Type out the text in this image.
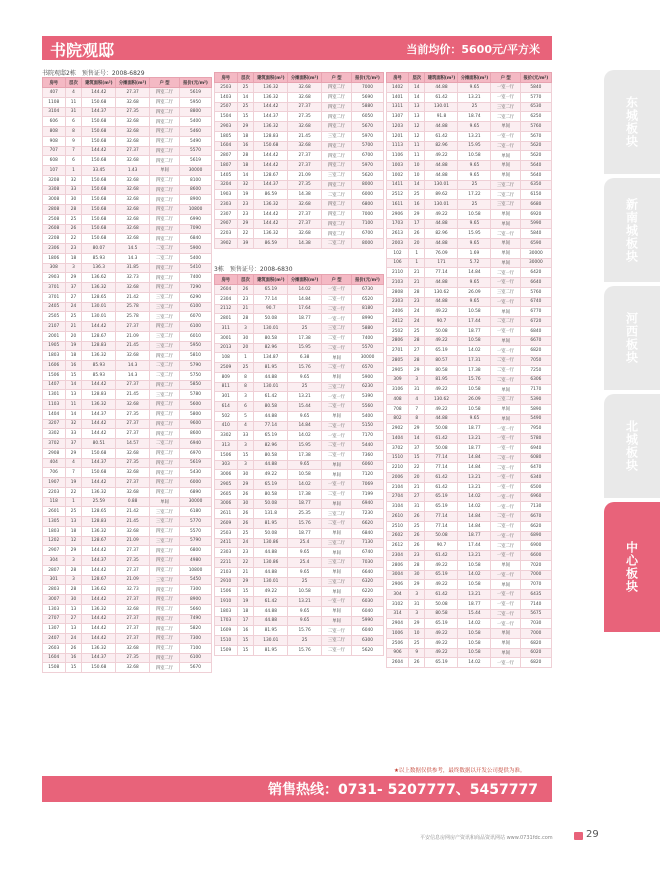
书院观邸	当前均价：5600元/平方米
书院观邸2栋　预售证号：2008-6829
3栋　预售证号：2008-6830
房号	层次	建筑面积(m²)	分摊面积(m²)	户 型	报价(元/m²)
407	4	144.42	27.37	四室二厅	5619
1108	11	150.68	32.68	四室二厅	5950
3104	31	144.37	27.35	四室二厅	8800
606	6	150.68	32.68	四室二厅	5400
808	8	150.68	32.68	四室二厅	5460
908	9	150.68	32.68	四室二厅	5490
707	7	144.42	27.37	四室二厅	5570
608	6	150.68	32.68	四室二厅	5619
107	1	33.45	1.43	单间	30000
3208	32	150.68	32.68	四室二厅	8100
3308	33	150.68	32.68	四室二厅	8600
3008	30	150.68	32.68	四室二厅	8900
2808	28	150.68	32.68	四室二厅	10800
2508	25	150.68	32.68	四室二厅	6990
2608	26	150.68	32.68	四室二厅	7090
2208	22	150.68	32.68	四室二厅	6840
2306	23	80.07	14.5	二室二厅	5900
1806	18	85.93	14.3	二室二厅	5400
308	3	136.3	31.85	四室二厅	5410
2903	29	136.62	32.73	四室二厅	7400
3701	37	136.32	32.68	四室二厅	7290
3701	27	128.65	21.42	三室二厅	6290
2405	24	130.01	25.78	三室二厅	6100
2505	25	130.01	25.78	三室二厅	6070
2107	21	144.42	27.37	四室二厅	6100
2001	20	128.67	21.09	三室二厅	6010
1905	19	128.83	21.45	三室二厅	5950
1803	18	136.32	32.68	四室二厅	5810
1606	16	85.93	14.3	二室二厅	5790
1506	15	85.93	14.3	二室二厅	5750
1407	14	144.42	27.37	四室二厅	5850
1301	13	128.83	21.45	三室二厅	5780
1103	11	136.32	32.68	四室二厅	5600
1404	14	144.37	27.35	四室二厅	5800
3207	32	144.42	27.37	四室二厅	9600
3302	33	144.42	27.37	四室二厅	8600
3702	37	80.51	14.57	二室二厅	6940
2908	29	150.68	32.68	四室二厅	6970
404	4	144.37	27.35	四室二厅	5619
706	7	150.68	32.68	四室二厅	5430
1907	19	144.42	27.37	四室二厅	6000
2203	22	136.32	32.68	四室二厅	6890
118	1	25.59	0.88	单间	30000
2601	25	128.65	21.42	三室二厅	6180
1305	13	128.83	21.45	三室二厅	5770
1803	18	136.32	32.68	四室二厅	5570
1202	12	128.67	21.09	三室二厅	5790
2907	29	144.42	27.37	四室二厅	6800
304	3	144.37	27.35	四室二厅	4980
2807	28	144.42	27.37	四室二厅	10800
301	3	128.67	21.09	三室二厅	5450
2803	28	136.62	32.73	四室二厅	7300
3007	30	144.42	27.37	四室二厅	8900
1303	13	136.32	32.68	四室二厅	5660
2707	27	144.42	27.37	四室二厅	7490
1307	13	144.42	27.37	四室二厅	5820
2407	24	144.42	27.37	四室二厅	7300
2603	26	136.32	32.68	四室二厅	7100
1604	16	144.37	27.35	四室二厅	6100
1508	15	150.68	32.68	四室二厅	5670
房号	层次	建筑面积(m²)	分摊面积(m²)	户 型	报价(元/m²)
2503	25	136.32	32.68	四室二厅	7000
1403	14	136.32	32.68	四室二厅	5690
2507	25	144.42	27.37	四室二厅	5880
1504	15	144.37	27.35	四室二厅	6050
2903	29	136.32	32.68	四室二厅	5670
1805	18	128.83	21.45	三室二厅	5970
1604	16	150.68	32.68	四室二厅	5700
2807	28	144.42	27.37	四室二厅	6700
1807	18	144.42	27.37	四室二厅	5970
1405	14	128.67	21.09	三室二厅	5620
3204	32	144.37	27.35	四室二厅	8000
1903	19	86.59	14.38	二室二厅	6000
2303	23	136.32	32.68	四室二厅	6800
2307	23	144.42	27.37	四室二厅	7000
2907	29	144.42	27.37	四室二厅	7100
2203	22	136.32	32.68	四室二厅	6700
3902	39	86.59	14.38	二室二厅	8000
房号	层次	建筑面积(m²)	分摊面积(m²)	户 型	报价(元/m²)
2604	26	65.19	14.02	一室一厅	6730
2304	23	77.14	14.84	二室一厅	6520
2112	21	90.7	17.64	二室一厅	8180
2801	28	50.08	18.77	一室一厅	8990
311	3	130.01	25	三室二厅	5880
3001	30	80.58	17.38	二室一厅	7400
2013	20	82.96	15.95	二室一厅	5570
108	1	134.87	6.38	单间	30000
2509	25	81.95	15.76	二室一厅	6570
809	8	44.88	9.65	单间	5900
811	8	130.01	25	三室二厅	6230
301	3	61.42	13.21	一室一厅	5390
614	6	80.58	15.44	二室一厅	5560
502	5	44.88	9.65	单间	5400
410	4	77.14	14.84	二室一厅	5150
3302	33	65.19	14.02	一室一厅	7170
313	3	82.96	15.95	二室一厅	5440
1506	15	80.58	17.38	二室一厅	7360
303	3	44.88	9.65	单间	6060
3006	30	49.22	10.58	单间	7120
2905	29	65.19	14.02	一室一厅	7069
2605	26	80.58	17.38	二室一厅	7199
3006	30	50.08	18.77	单间	6940
2611	26	131.8	25.35	三室二厅	7230
2609	26	81.95	15.76	二室一厅	6620
2503	25	50.08	18.77	单间	6840
2411	24	130.86	25.4	三室二厅	7130
2303	23	44.88	9.65	单间	6740
2211	22	130.86	25.4	三室二厅	7030
2103	21	44.88	9.65	单间	6640
2910	29	130.01	25	三室二厅	6320
1506	15	49.22	10.58	单间	6220
1910	19	61.42	13.21	一室一厅	6030
1803	18	44.88	9.65	单间	6040
1703	17	44.88	9.65	单间	5990
1609	16	81.95	15.76	二室一厅	6040
1510	15	130.01	25	三室二厅	6300
1509	15	81.95	15.76	二室一厅	5620
房号	层次	建筑面积(m²)	分摊面积(m²)	户 型	报价(元/m²)
1402	14	44.88	9.65	一室一厅	5840
1401	14	61.42	13.21	一室一厅	5770
1311	13	130.01	25	三室二厅	6530
1307	13	91.8	18.74	二室二厅	6250
1203	12	44.88	9.65	单间	5760
1201	12	61.42	13.21	一室一厅	5670
1113	11	82.96	15.95	二室一厅	5620
1106	11	49.22	10.58	单间	5620
1003	10	44.88	9.65	单间	5640
1002	10	44.88	9.65	单间	5640
1411	14	130.01	25	三室二厅	6350
2512	25	89.62	17.22	二室二厅	6150
1611	16	130.01	25	三室二厅	6680
2906	29	49.22	10.58	单间	6920
1703	17	44.88	9.65	单间	5990
2613	26	82.96	15.95	二室一厅	5840
2003	20	44.88	9.65	单间	6590
102	1	76.09	1.69	单间	30000
106	1	171	5.72	单间	30000
2110	21	77.14	14.84	二室一厅	6420
2103	21	44.88	9.65	一室一厅	6640
2808	28	130.62	26.09	三室二厅	5760
2303	23	44.88	9.65	一室一厅	6740
2406	24	49.22	10.58	单间	6770
2412	24	90.7	17.44	二室二厅	6720
2502	25	50.08	18.77	一室一厅	6840
2806	28	49.22	10.58	单间	6670
2701	27	65.19	14.02	一室一厅	6820
2805	28	80.57	17.31	二室一厅	7050
2905	29	80.58	17.38	二室一厅	7250
309	3	81.95	15.76	二室一厅	6306
3106	31	49.22	10.58	单间	7170
408	4	130.62	26.09	三室二厅	5390
708	7	49.22	10.58	单间	5890
802	8	44.88	9.65	单间	5490
2902	29	50.08	18.77	一室一厅	7950
1404	14	61.42	13.21	一室一厅	5780
3702	37	50.08	18.77	一室一厅	6940
1510	15	77.14	14.84	二室一厅	6080
2210	22	77.14	14.84	二室一厅	6470
2006	20	61.42	13.21	一室一厅	6340
2104	21	61.42	13.21	一室一厅	6500
2704	27	65.19	14.02	一室一厅	6960
3104	31	65.19	14.02	一室一厅	7130
2610	26	77.14	14.84	二室一厅	6670
2510	25	77.14	14.84	二室一厅	6620
2602	26	50.08	18.77	一室一厅	6890
2612	26	90.7	17.44	二室二厅	6900
2304	23	61.42	13.21	一室一厅	6600
2806	28	49.22	10.58	单间	7020
3004	30	65.19	14.02	一室一厅	7000
2906	29	49.22	10.58	单间	7070
304	3	61.42	13.21	一室一厅	6435
3102	31	50.08	18.77	一室一厅	7140
314	3	80.58	15.44	二室一厅	5675
2904	29	65.19	14.02	一室一厅	7030
1006	10	49.22	10.58	单间	7000
2506	25	49.22	10.58	单间	6820
906	9	49.22	10.58	单间	6020
2604	26	65.19	14.02	一室一厅	6820
东城板块
新南城板块
河西板块
北城板块
中心板块
★以上数据仅供参考，最终数据以开发公司提供为准。
销售热线：0731- 5207777、5457777
平安信息房网房产资讯和商品资讯网站 www.0731fdc.com	29
